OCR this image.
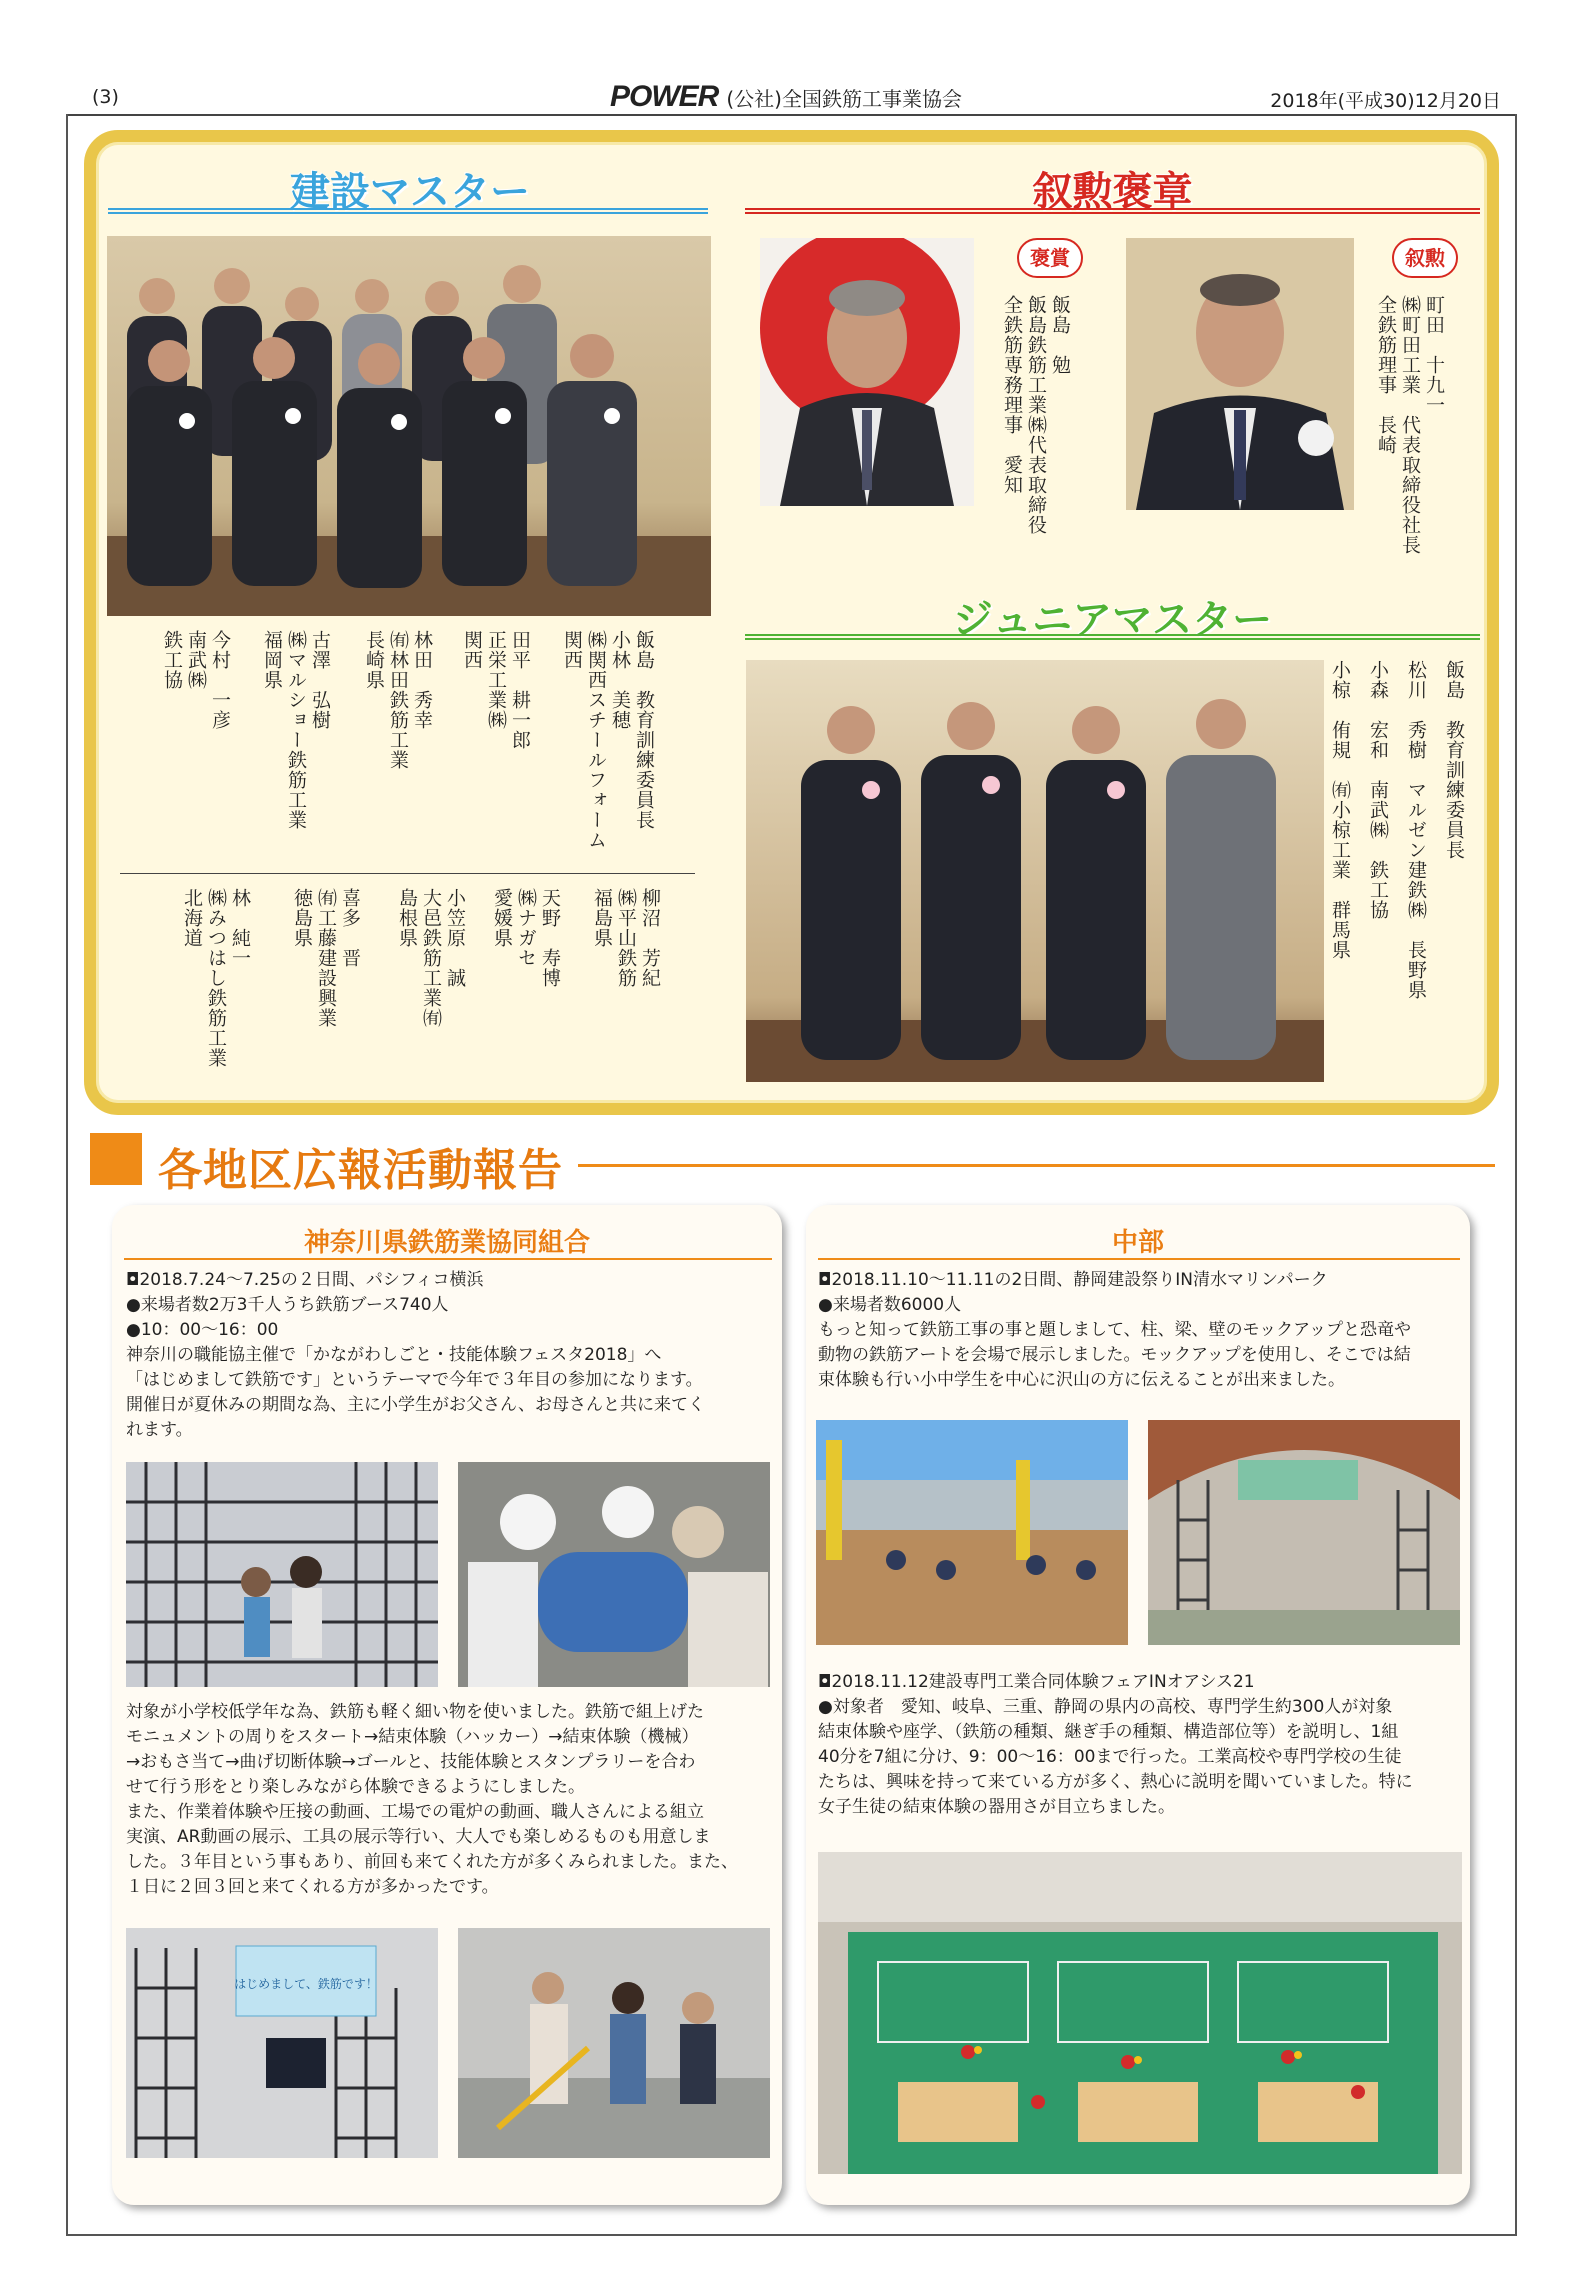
(3)	POWER (公社)全国鉄筋工事業協会	2018年(平成30)12月20日
建設マスター
飯島　教育訓練委員長
小林　美穂
㈱関西スチールフォーム
関西
田平　耕一郎
正栄工業㈱
関西
林田　秀幸
㈲林田鉄筋工業
長崎県
古澤　弘樹
㈱マルショー鉄筋工業
福岡県
今村　一彦
南武㈱
鉄工協
柳沼　芳紀
㈱平山鉄筋
福島県
天野　寿博
㈱ナガセ
愛媛県
小笠原　誠
大邑鉄筋工業㈲
島根県
喜多　晋
㈲工藤建設興業
徳島県
林　純一
㈱みつはし鉄筋工業
北海道
叙勲褒章
褒賞
飯島　勉
飯島鉄筋工業㈱代表取締役
全鉄筋専務理事　愛知
叙勲
町田　十九一
㈱町田工業　代表取締役社長
全鉄筋理事　長崎
ジュニアマスター
飯島　教育訓練委員長
松川　秀樹　マルゼン建鉄㈱　長野県
小森　宏和　南武㈱　鉄工協
小椋　侑規　㈲小椋工業　群馬県
各地区広報活動報告
神奈川県鉄筋業協同組合

◘2018.7.24〜7.25の２日間、パシフィコ横浜

●来場者数2万3千人うち鉄筋ブース740人

●10：00〜16：00

神奈川の職能協主催で「かながわしごと・技能体験フェスタ2018」へ

「はじめまして鉄筋です」というテーマで今年で３年目の参加になります。

開催日が夏休みの期間な為、主に小学生がお父さん、お母さんと共に来てく

れます。

対象が小学校低学年な為、鉄筋も軽く細い物を使いました。鉄筋で組上げた

モニュメントの周りをスタート→結束体験（ハッカー）→結束体験（機械）

→おもさ当て→曲げ切断体験→ゴールと、技能体験とスタンプラリーを合わ

せて行う形をとり楽しみながら体験できるようにしました。

また、作業着体験や圧接の動画、工場での電炉の動画、職人さんによる組立

実演、AR動画の展示、工具の展示等行い、大人でも楽しめるものも用意しま

した。３年目という事もあり、前回も来てくれた方が多くみられました。また、

１日に２回３回と来てくれる方が多かったです。

はじめまして、鉄筋です！
中部

◘2018.11.10〜11.11の2日間、静岡建設祭りIN清水マリンパーク

●来場者数6000人

もっと知って鉄筋工事の事と題しまして、柱、梁、壁のモックアップと恐竜や

動物の鉄筋アートを会場で展示しました。モックアップを使用し、そこでは結

束体験も行い小中学生を中心に沢山の方に伝えることが出来ました。

◘2018.11.12建設専門工業合同体験フェアINオアシス21

●対象者　愛知、岐阜、三重、静岡の県内の高校、専門学生約300人が対象

結束体験や座学、（鉄筋の種類、継ぎ手の種類、構造部位等）を説明し、1組

40分を7組に分け、9：00〜16：00まで行った。工業高校や専門学校の生徒

たちは、興味を持って来ている方が多く、熱心に説明を聞いていました。特に

女子生徒の結束体験の器用さが目立ちました。
